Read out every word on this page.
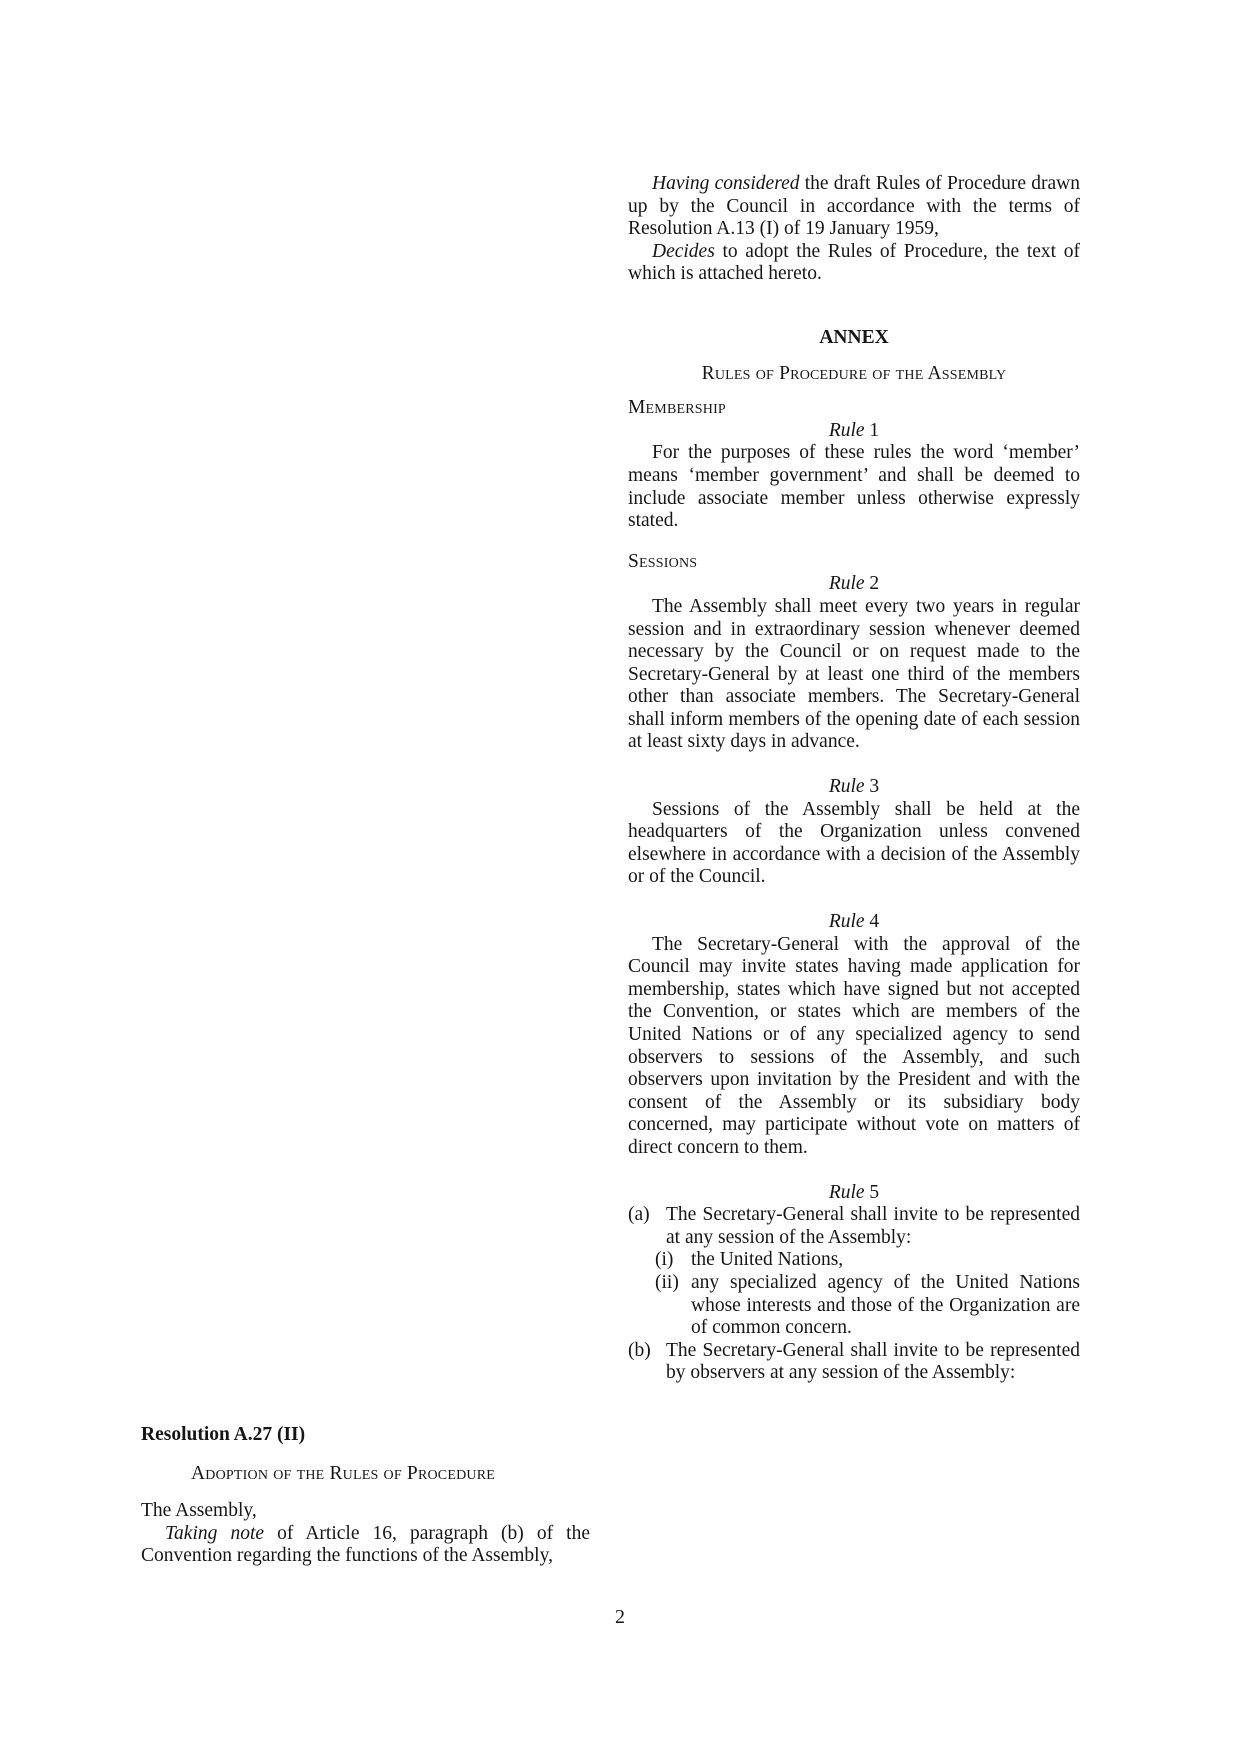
Resolution A.27 (II)

Adoption of the Rules of Procedure

The Assembly,

Taking note of Article 16, paragraph (b) of the Convention regarding the functions of the Assembly,

Having considered the draft Rules of Procedure drawn up by the Council in accordance with the terms of Resolution A.13 (I) of 19 January 1959,

Decides to adopt the Rules of Procedure, the text of which is attached hereto.

ANNEX

Rules of Procedure of the Assembly

Membership

Rule 1

For the purposes of these rules the word ‘member’ means ‘member government’ and shall be deemed to include associate member unless otherwise expressly stated.

Sessions

Rule 2

The Assembly shall meet every two years in regular session and in extraordinary session whenever deemed necessary by the Council or on request made to the Secretary-General by at least one third of the members other than associate members. The Secretary-General shall inform members of the opening date of each session at least sixty days in advance.

Rule 3

Sessions of the Assembly shall be held at the headquarters of the Organization unless convened elsewhere in accordance with a decision of the Assembly or of the Council.

Rule 4

The Secretary-General with the approval of the Council may invite states having made application for membership, states which have signed but not accepted the Convention, or states which are members of the United Nations or of any specialized agency to send observers to sessions of the Assembly, and such observers upon invitation by the President and with the consent of the Assembly or its subsidiary body concerned, may participate without vote on matters of direct concern to them.

Rule 5

(a) The Secretary-General shall invite to be represented at any session of the Assembly:
(i) the United Nations,
(ii) any specialized agency of the United Nations whose interests and those of the Organization are of common concern.
(b) The Secretary-General shall invite to be represented by observers at any session of the Assembly:
2
